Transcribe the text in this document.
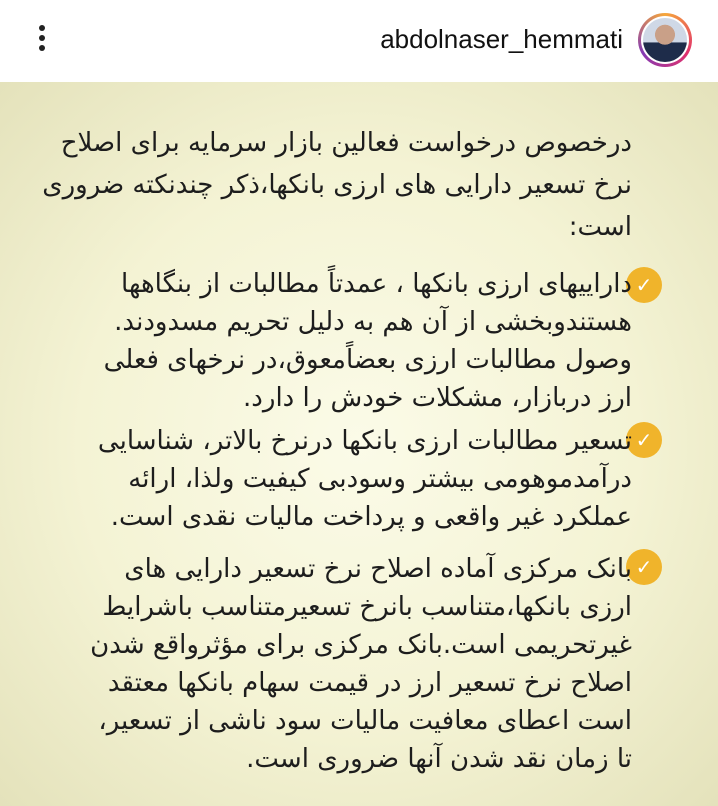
abdolnaser_hemmati
درخصوص درخواست فعالین بازار سرمایه برای اصلاح
نرخ تسعیر دارایی های ارزی بانکها،ذکر چندنکته ضروری
است:
✓
داراییهای ارزی بانکها ، عمدتاً مطالبات از بنگاهها
هستندوبخشی از آن هم به دلیل تحریم مسدودند.
وصول مطالبات ارزی بعضاًمعوق،در نرخهای فعلی
ارز دربازار، مشکلات خودش را دارد.
✓
تسعیر مطالبات ارزی بانکها درنرخ بالاتر، شناسایی
درآمدموهومی بیشتر وسودبی کیفیت ولذا، ارائه
عملکرد غیر واقعی و پرداخت مالیات نقدی است.
✓
بانک مرکزی آماده اصلاح نرخ تسعیر دارایی های
ارزی بانکها،متناسب بانرخ تسعیرمتناسب باشرایط
غیرتحریمی است.بانک مرکزی برای مؤثرواقع شدن
اصلاح نرخ تسعیر ارز در قیمت سهام بانکها معتقد
است اعطای معافیت مالیات سود ناشی از تسعیر،
تا زمان نقد شدن آنها ضروری است.
